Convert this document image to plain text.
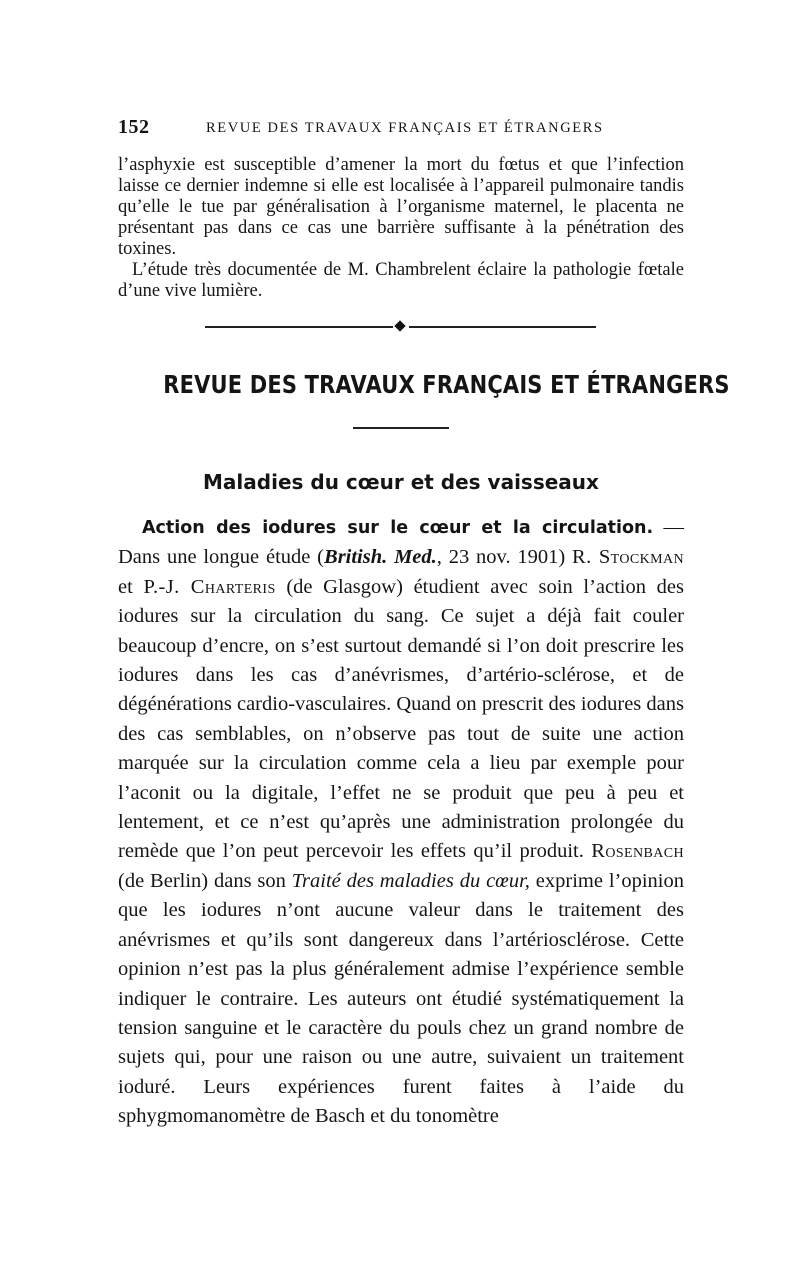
152	REVUE DES TRAVAUX FRANÇAIS ET ÉTRANGERS

l’asphyxie est susceptible d’amener la mort du fœtus et que l’infection laisse ce dernier indemne si elle est localisée à l’appareil pulmonaire tandis qu’elle le tue par généralisation à l’organisme maternel, le placenta ne présentant pas dans ce cas une barrière suffisante à la pénétration des toxines.

L’étude très documentée de M. Chambrelent éclaire la pathologie fœtale d’une vive lumière.

REVUE DES TRAVAUX FRANÇAIS ET ÉTRANGERS
Maladies du cœur et des vaisseaux

Action des iodures sur le cœur et la circulation. — Dans une longue étude (British. Med., 23 nov. 1901) R. Stockman et P.-J. Charteris (de Glasgow) étudient avec soin l’action des iodures sur la circulation du sang. Ce sujet a déjà fait couler beaucoup d’encre, on s’est surtout demandé si l’on doit prescrire les iodures dans les cas d’anévrismes, d’artério-sclérose, et de dégénérations cardio-vasculaires. Quand on prescrit des iodures dans des cas semblables, on n’observe pas tout de suite une action marquée sur la circulation comme cela a lieu par exemple pour l’aconit ou la digitale, l’effet ne se produit que peu à peu et lentement, et ce n’est qu’après une administration prolongée du remède que l’on peut percevoir les effets qu’il produit. Rosenbach (de Berlin) dans son Traité des maladies du cœur, exprime l’opinion que les iodures n’ont aucune valeur dans le traitement des anévrismes et qu’ils sont dangereux dans l’artériosclérose. Cette opinion n’est pas la plus généralement admise l’expérience semble indiquer le contraire. Les auteurs ont étudié systématiquement la tension sanguine et le caractère du pouls chez un grand nombre de sujets qui, pour une raison ou une autre, suivaient un traitement ioduré. Leurs expériences furent faites à l’aide du sphygmomanomètre de Basch et du tonomètre
